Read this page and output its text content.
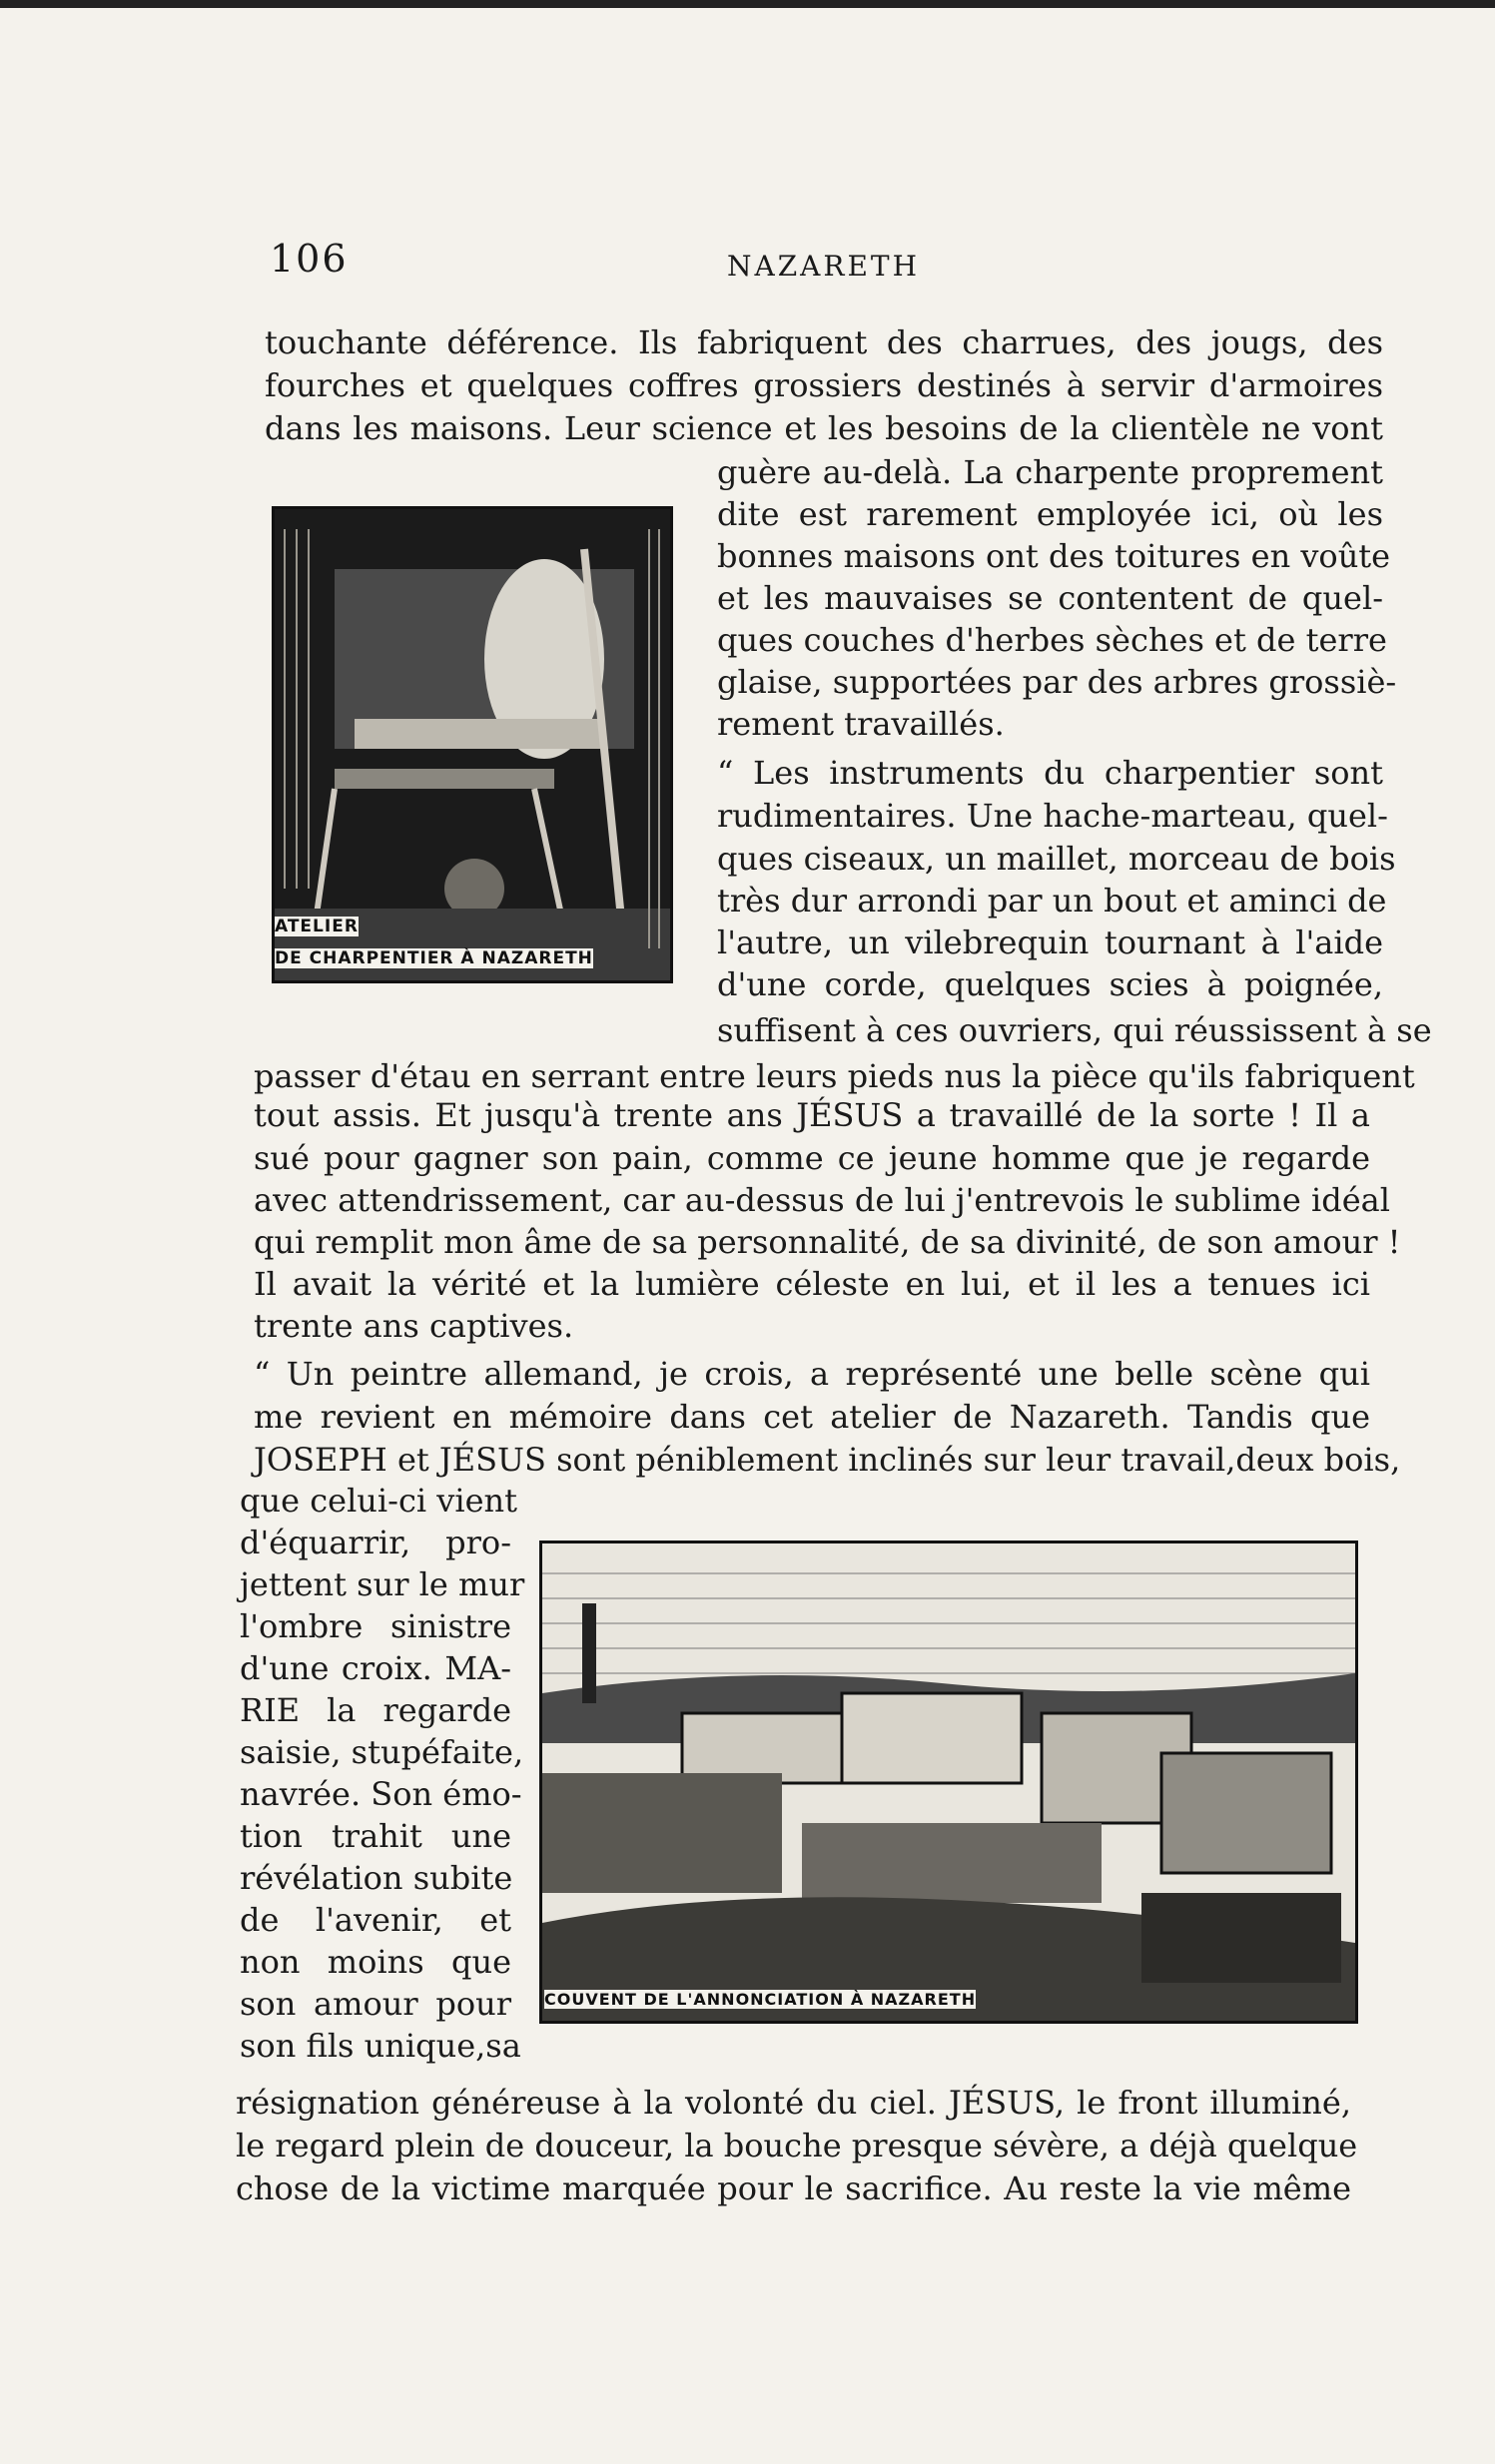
106	NAZARETH
touchante déférence. Ils fabriquent des charrues, des jougs, des
fourches et quelques coffres grossiers destinés à servir d'armoires
dans les maisons. Leur science et les besoins de la clientèle ne vont
guère au-delà. La charpente proprement
dite est rarement employée ici, où les
bonnes maisons ont des toitures en voûte
et les mauvaises se contentent de quel-
ques couches d'herbes sèches et de terre
glaise, supportées par des arbres grossiè-
rement travaillés.
“ Les instruments du charpentier sont
rudimentaires. Une hache-marteau, quel-
ques ciseaux, un maillet, morceau de bois
très dur arrondi par un bout et aminci de
l'autre, un vilebrequin tournant à l'aide
d'une corde, quelques scies à poignée,
suffisent à ces ouvriers, qui réussissent à se
ATELIER
DE CHARPENTIER À NAZARETH
passer d'étau en serrant entre leurs pieds nus la pièce qu'ils fabriquent
tout assis. Et jusqu'à trente ans JÉSUS a travaillé de la sorte ! Il a
sué pour gagner son pain, comme ce jeune homme que je regarde
avec attendrissement, car au-dessus de lui j'entrevois le sublime idéal
qui remplit mon âme de sa personnalité, de sa divinité, de son amour !
Il avait la vérité et la lumière céleste en lui, et il les a tenues ici
trente ans captives.
“ Un peintre allemand, je crois, a représenté une belle scène qui
me revient en mémoire dans cet atelier de Nazareth. Tandis que
JOSEPH et JÉSUS sont péniblement inclinés sur leur travail,deux bois,
que celui-ci vient
d'équarrir, pro-
jettent sur le mur
l'ombre sinistre
d'une croix. MA-
RIE la regarde
saisie, stupéfaite,
navrée. Son émo-
tion trahit une
révélation subite
de l'avenir, et
non moins que
son amour pour
son fils unique,sa
COUVENT DE L'ANNONCIATION À NAZARETH
résignation généreuse à la volonté du ciel. JÉSUS, le front illuminé,
le regard plein de douceur, la bouche presque sévère, a déjà quelque
chose de la victime marquée pour le sacrifice. Au reste la vie même
